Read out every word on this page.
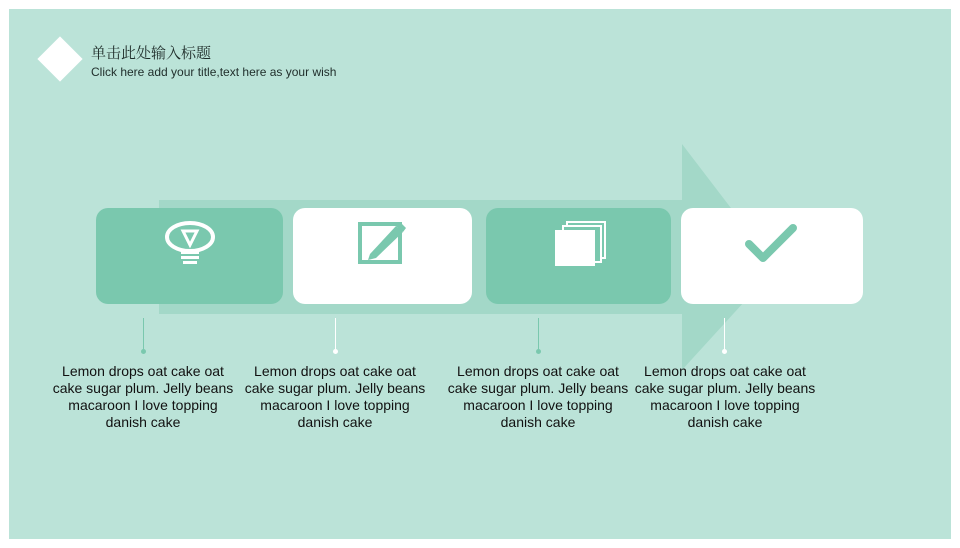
单击此处输入标题
Click here add your title,text here as your wish
Lemon drops oat cake oat cake sugar plum. Jelly beans macaroon I love topping danish cake
Lemon drops oat cake oat cake sugar plum. Jelly beans macaroon I love topping danish cake
Lemon drops oat cake oat cake sugar plum. Jelly beans macaroon I love topping danish cake
Lemon drops oat cake oat cake sugar plum. Jelly beans macaroon I love topping danish cake
